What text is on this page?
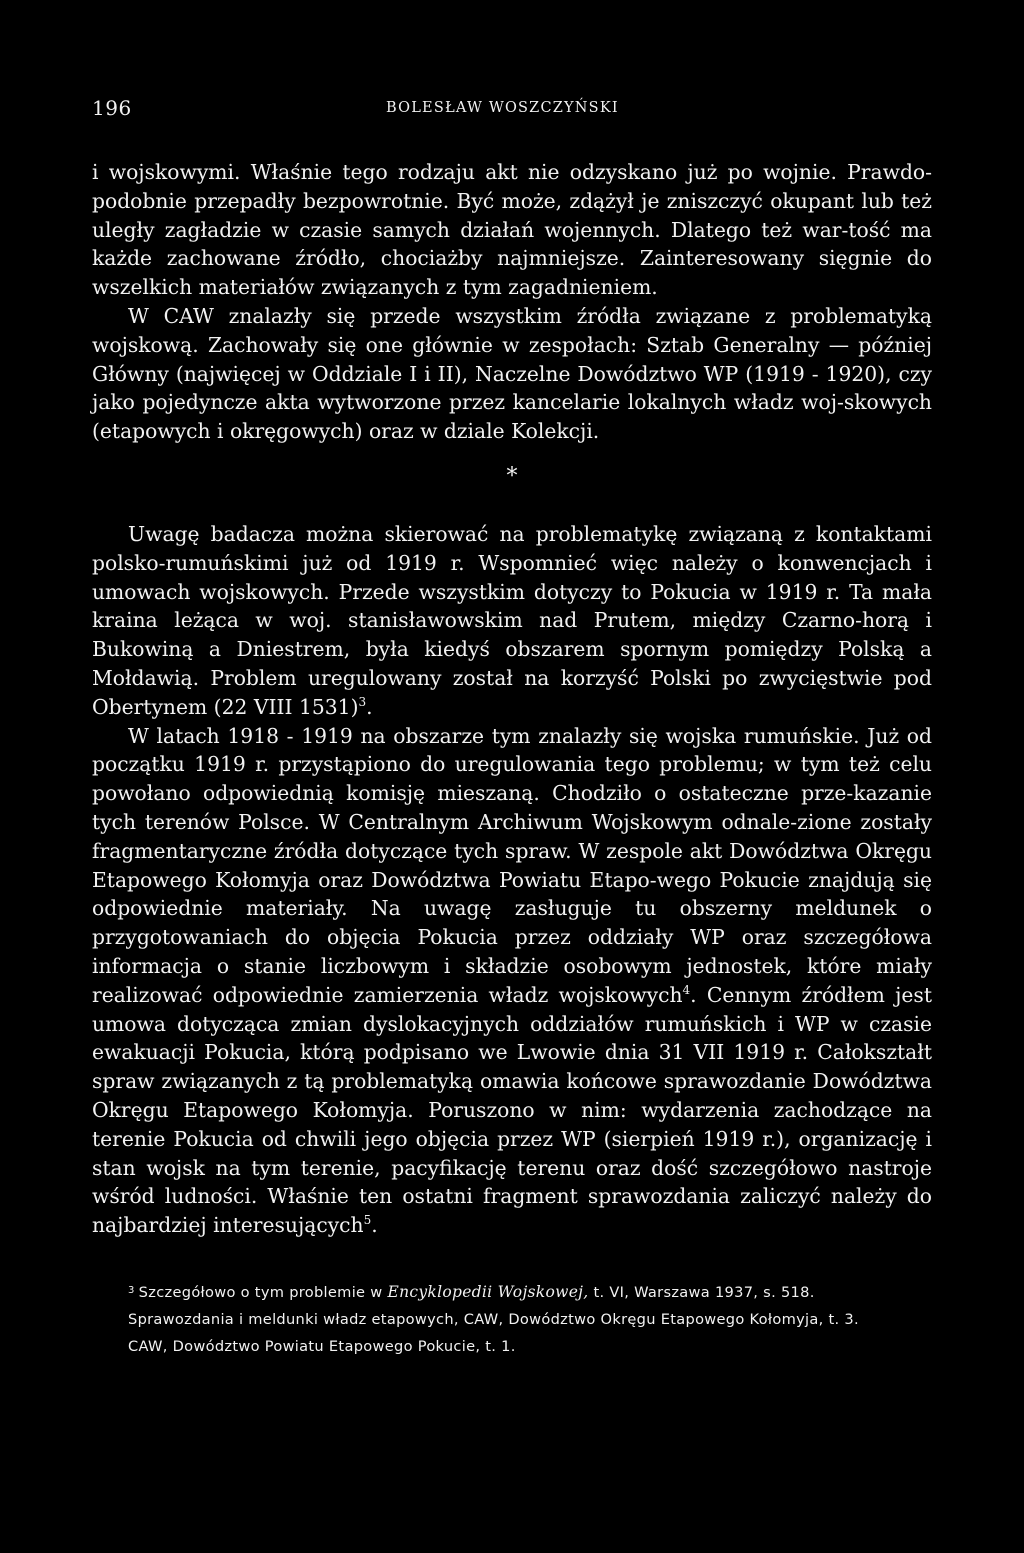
196	BOLESŁAW WOSZCZYŃSKI

i wojskowymi. Właśnie tego rodzaju akt nie odzyskano już po wojnie. Prawdo-podobnie przepadły bezpowrotnie. Być może, zdążył je zniszczyć okupant lub też uległy zagładzie w czasie samych działań wojennych. Dlatego też war-tość ma każde zachowane źródło, chociażby najmniejsze. Zainteresowany sięgnie do wszelkich materiałów związanych z tym zagadnieniem.

W CAW znalazły się przede wszystkim źródła związane z problematyką wojskową. Zachowały się one głównie w zespołach: Sztab Generalny — później Główny (najwięcej w Oddziale I i II), Naczelne Dowództwo WP (1919 - 1920), czy jako pojedyncze akta wytworzone przez kancelarie lokalnych władz woj-skowych (etapowych i okręgowych) oraz w dziale Kolekcji.

*

Uwagę badacza można skierować na problematykę związaną z kontaktami polsko-rumuńskimi już od 1919 r. Wspomnieć więc należy o konwencjach i umowach wojskowych. Przede wszystkim dotyczy to Pokucia w 1919 r. Ta mała kraina leżąca w woj. stanisławowskim nad Prutem, między Czarno-horą i Bukowiną a Dniestrem, była kiedyś obszarem spornym pomiędzy Polską a Mołdawią. Problem uregulowany został na korzyść Polski po zwycięstwie pod Obertynem (22 VIII 1531)$^3$.

W latach 1918 - 1919 na obszarze tym znalazły się wojska rumuńskie. Już od początku 1919 r. przystąpiono do uregulowania tego problemu; w tym też celu powołano odpowiednią komisję mieszaną. Chodziło o ostateczne prze-kazanie tych terenów Polsce. W Centralnym Archiwum Wojskowym odnale-zione zostały fragmentaryczne źródła dotyczące tych spraw. W zespole akt Dowództwa Okręgu Etapowego Kołomyja oraz Dowództwa Powiatu Etapo-wego Pokucie znajdują się odpowiednie materiały. Na uwagę zasługuje tu obszerny meldunek o przygotowaniach do objęcia Pokucia przez oddziały WP oraz szczegółowa informacja o stanie liczbowym i składzie osobowym jednostek, które miały realizować odpowiednie zamierzenia władz wojskowych$^4$. Cennym źródłem jest umowa dotycząca zmian dyslokacyjnych oddziałów rumuńskich i WP w czasie ewakuacji Pokucia, którą podpisano we Lwowie dnia 31 VII 1919 r. Całokształt spraw związanych z tą problematyką omawia końcowe sprawozdanie Dowództwa Okręgu Etapowego Kołomyja. Poruszono w nim: wydarzenia zachodzące na terenie Pokucia od chwili jego objęcia przez WP (sierpień 1919 r.), organizację i stan wojsk na tym terenie, pacyfikację terenu oraz dość szczegółowo nastroje wśród ludności. Właśnie ten ostatni fragment sprawozdania zaliczyć należy do najbardziej interesujących$^5$.

$^3$ Szczegółowo o tym problemie w Encyklopedii Wojskowej, t. VI, Warszawa 1937, s. 518.

Sprawozdania i meldunki władz etapowych, CAW, Dowództwo Okręgu Etapowego Kołomyja, t. 3.

CAW, Dowództwo Powiatu Etapowego Pokucie, t. 1.
